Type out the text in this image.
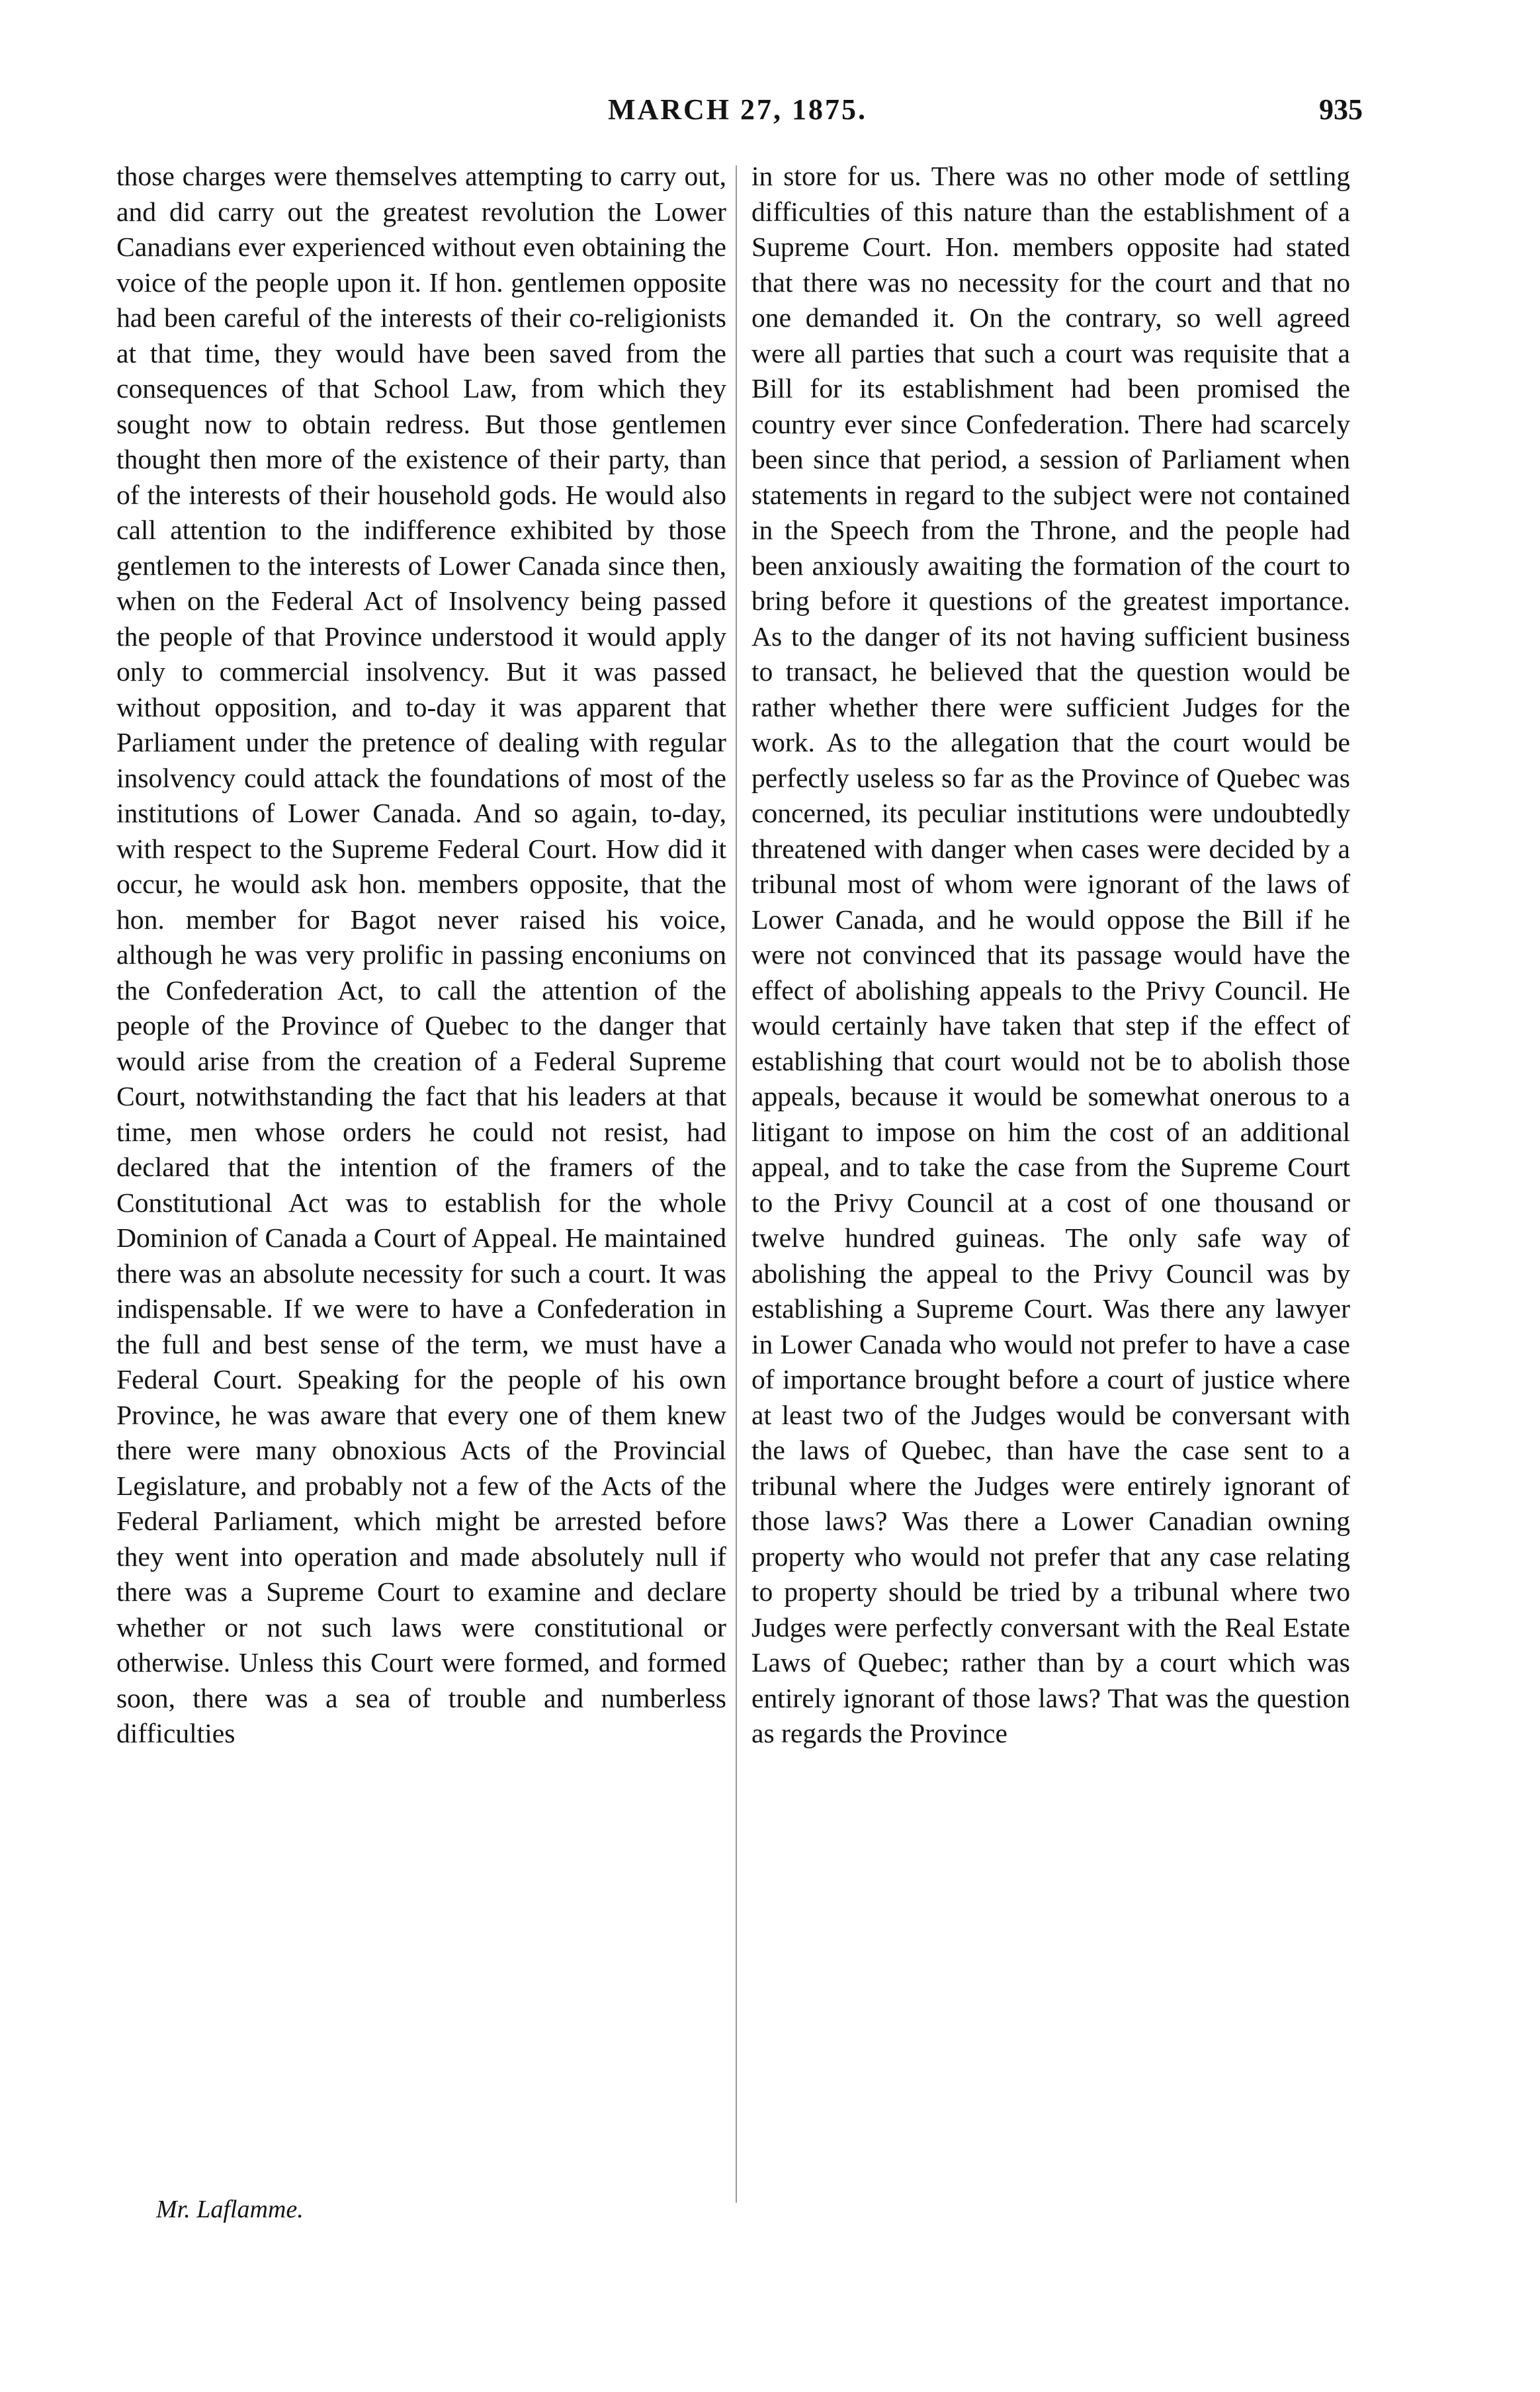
MARCH 27, 1875.	935

those charges were themselves attempting to carry out, and did carry out the greatest revolution the Lower Canadians ever experienced without even obtaining the voice of the people upon it. If hon. gentlemen opposite had been careful of the interests of their co-religionists at that time, they would have been saved from the consequences of that School Law, from which they sought now to obtain redress. But those gentlemen thought then more of the existence of their party, than of the interests of their household gods. He would also call attention to the indifference exhibited by those gentlemen to the interests of Lower Canada since then, when on the Federal Act of Insolvency being passed the people of that Province understood it would apply only to commercial insolvency. But it was passed without opposition, and to-day it was apparent that Parliament under the pretence of dealing with regular insolvency could attack the foundations of most of the institutions of Lower Canada. And so again, to-day, with respect to the Supreme Federal Court. How did it occur, he would ask hon. members opposite, that the hon. member for Bagot never raised his voice, although he was very prolific in passing enconiums on the Confederation Act, to call the attention of the people of the Province of Quebec to the danger that would arise from the creation of a Federal Supreme Court, notwithstanding the fact that his leaders at that time, men whose orders he could not resist, had declared that the intention of the framers of the Constitutional Act was to establish for the whole Dominion of Canada a Court of Appeal. He maintained there was an absolute necessity for such a court. It was indispensable. If we were to have a Confederation in the full and best sense of the term, we must have a Federal Court. Speaking for the people of his own Province, he was aware that every one of them knew there were many obnoxious Acts of the Provincial Legislature, and probably not a few of the Acts of the Federal Parliament, which might be arrested before they went into operation and made absolutely null if there was a Supreme Court to examine and declare whether or not such laws were constitutional or otherwise. Unless this Court were formed, and formed soon, there was a sea of trouble and numberless difficulties

in store for us. There was no other mode of settling difficulties of this nature than the establishment of a Supreme Court. Hon. members opposite had stated that there was no necessity for the court and that no one demanded it. On the contrary, so well agreed were all parties that such a court was requisite that a Bill for its establishment had been promised the country ever since Confederation. There had scarcely been since that period, a session of Parliament when statements in regard to the subject were not contained in the Speech from the Throne, and the people had been anxiously awaiting the formation of the court to bring before it questions of the greatest importance. As to the danger of its not having sufficient business to transact, he believed that the question would be rather whether there were sufficient Judges for the work. As to the allegation that the court would be perfectly useless so far as the Province of Quebec was concerned, its peculiar institutions were undoubtedly threatened with danger when cases were decided by a tribunal most of whom were ignorant of the laws of Lower Canada, and he would oppose the Bill if he were not convinced that its passage would have the effect of abolishing appeals to the Privy Council. He would certainly have taken that step if the effect of establishing that court would not be to abolish those appeals, because it would be somewhat onerous to a litigant to impose on him the cost of an additional appeal, and to take the case from the Supreme Court to the Privy Council at a cost of one thousand or twelve hundred guineas. The only safe way of abolishing the appeal to the Privy Council was by establishing a Supreme Court. Was there any lawyer in Lower Canada who would not prefer to have a case of importance brought before a court of justice where at least two of the Judges would be conversant with the laws of Quebec, than have the case sent to a tribunal where the Judges were entirely ignorant of those laws? Was there a Lower Canadian owning property who would not prefer that any case relating to property should be tried by a tribunal where two Judges were perfectly conversant with the Real Estate Laws of Quebec; rather than by a court which was entirely ignorant of those laws? That was the question as regards the Province

Mr. Laflamme.
